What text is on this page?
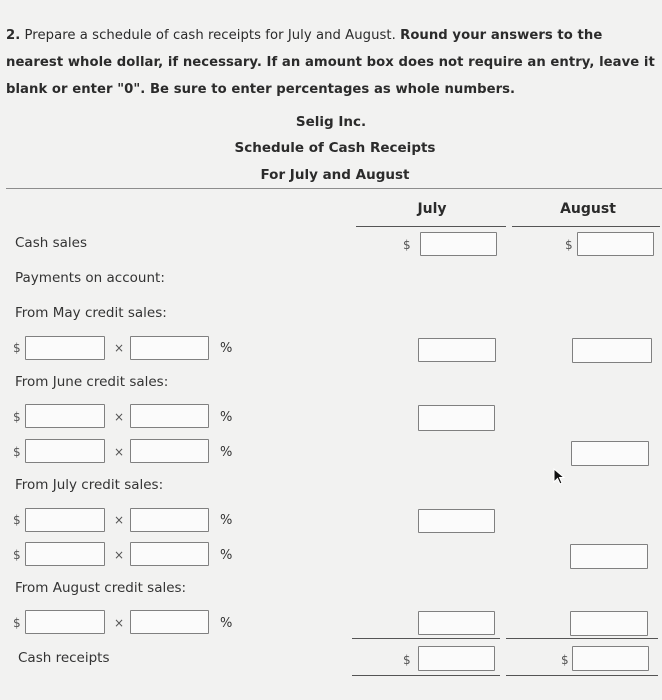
2. Prepare a schedule of cash receipts for July and August. Round your answers to the nearest whole dollar, if necessary. If an amount box does not require an entry, leave it blank or enter "0". Be sure to enter percentages as whole numbers.
Selig Inc.
Schedule of Cash Receipts
For July and August
July	August
Cash sales	$	$
Payments on account:
From May credit sales:
$	×	%
From June credit sales:
$	×	%
$	×	%
From July credit sales:
$	×	%
$	×	%
From August credit sales:
$	×	%
Cash receipts	$	$
